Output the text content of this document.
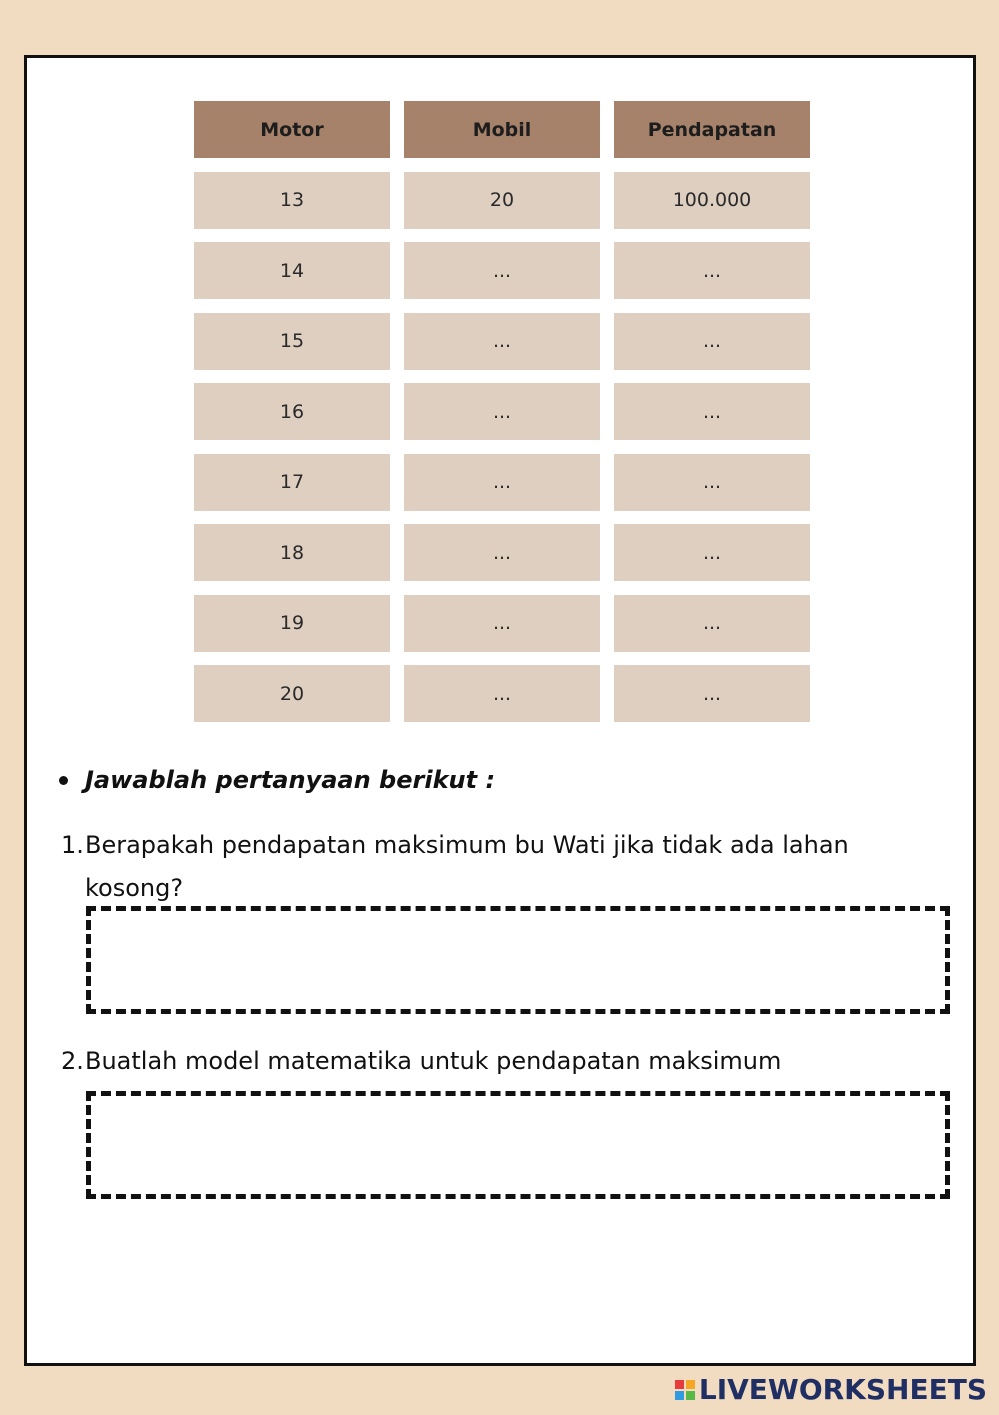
Motor	Mobil	Pendapatan
13	20	100.000
14	...	...
15	...	...
16	...	...
17	...	...
18	...	...
19	...	...
20	...	...
Jawablah pertanyaan berikut :
1.Berapakah pendapatan maksimum bu Wati jika tidak ada lahan
kosong?
2.Buatlah model matematika untuk pendapatan maksimum
LIVEWORKSHEETS
